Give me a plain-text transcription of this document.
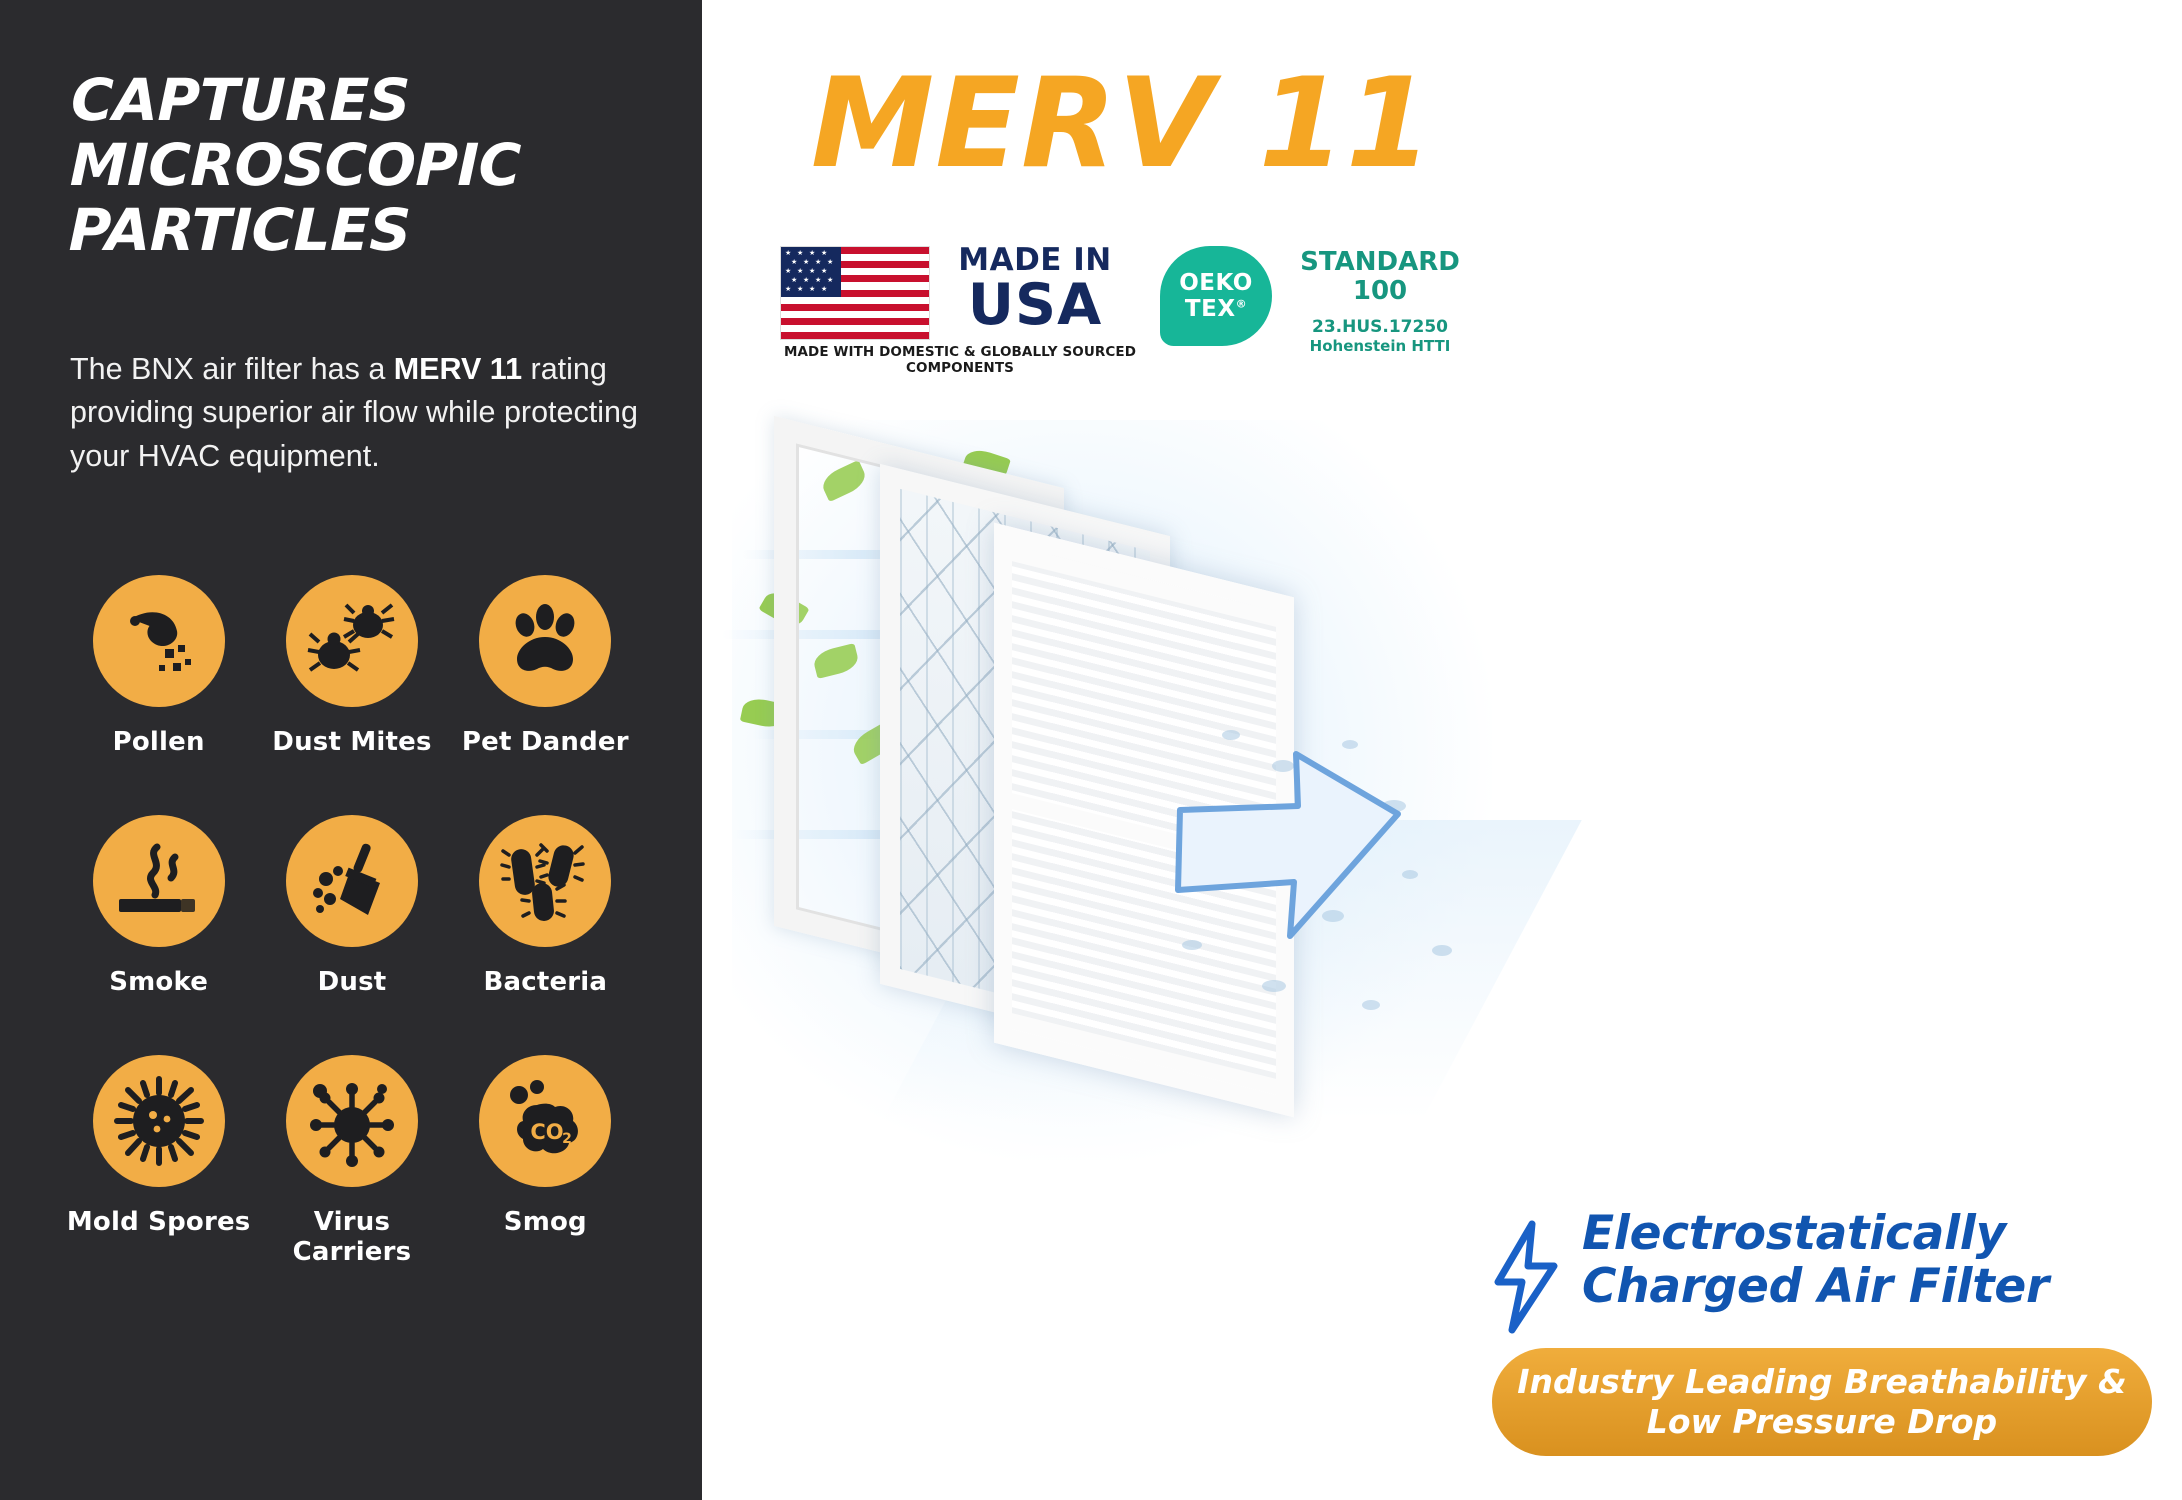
CAPTURES
MICROSCOPIC
PARTICLES
The BNX air filter has a MERV 11 rating providing superior air flow while protecting your HVAC equipment.
Pollen	Dust Mites Pet Dander
Smoke	Dust	Bacteria
Mold Spores	Virus Carriers
CO
2
Smog
MERV 11
★ ★ ★ ★
★ ★ ★ ★
★ ★ ★ ★
★ ★ ★ ★
★ ★ ★ ★
MADE IN
USA
MADE WITH DOMESTIC & GLOBALLY SOURCED COMPONENTS
OEKO
TEX®
STANDARD
100
23.HUS.17250
Hohenstein HTTI
Electrostatically
Charged Air Filter
Industry Leading Breathability &
Low Pressure Drop
